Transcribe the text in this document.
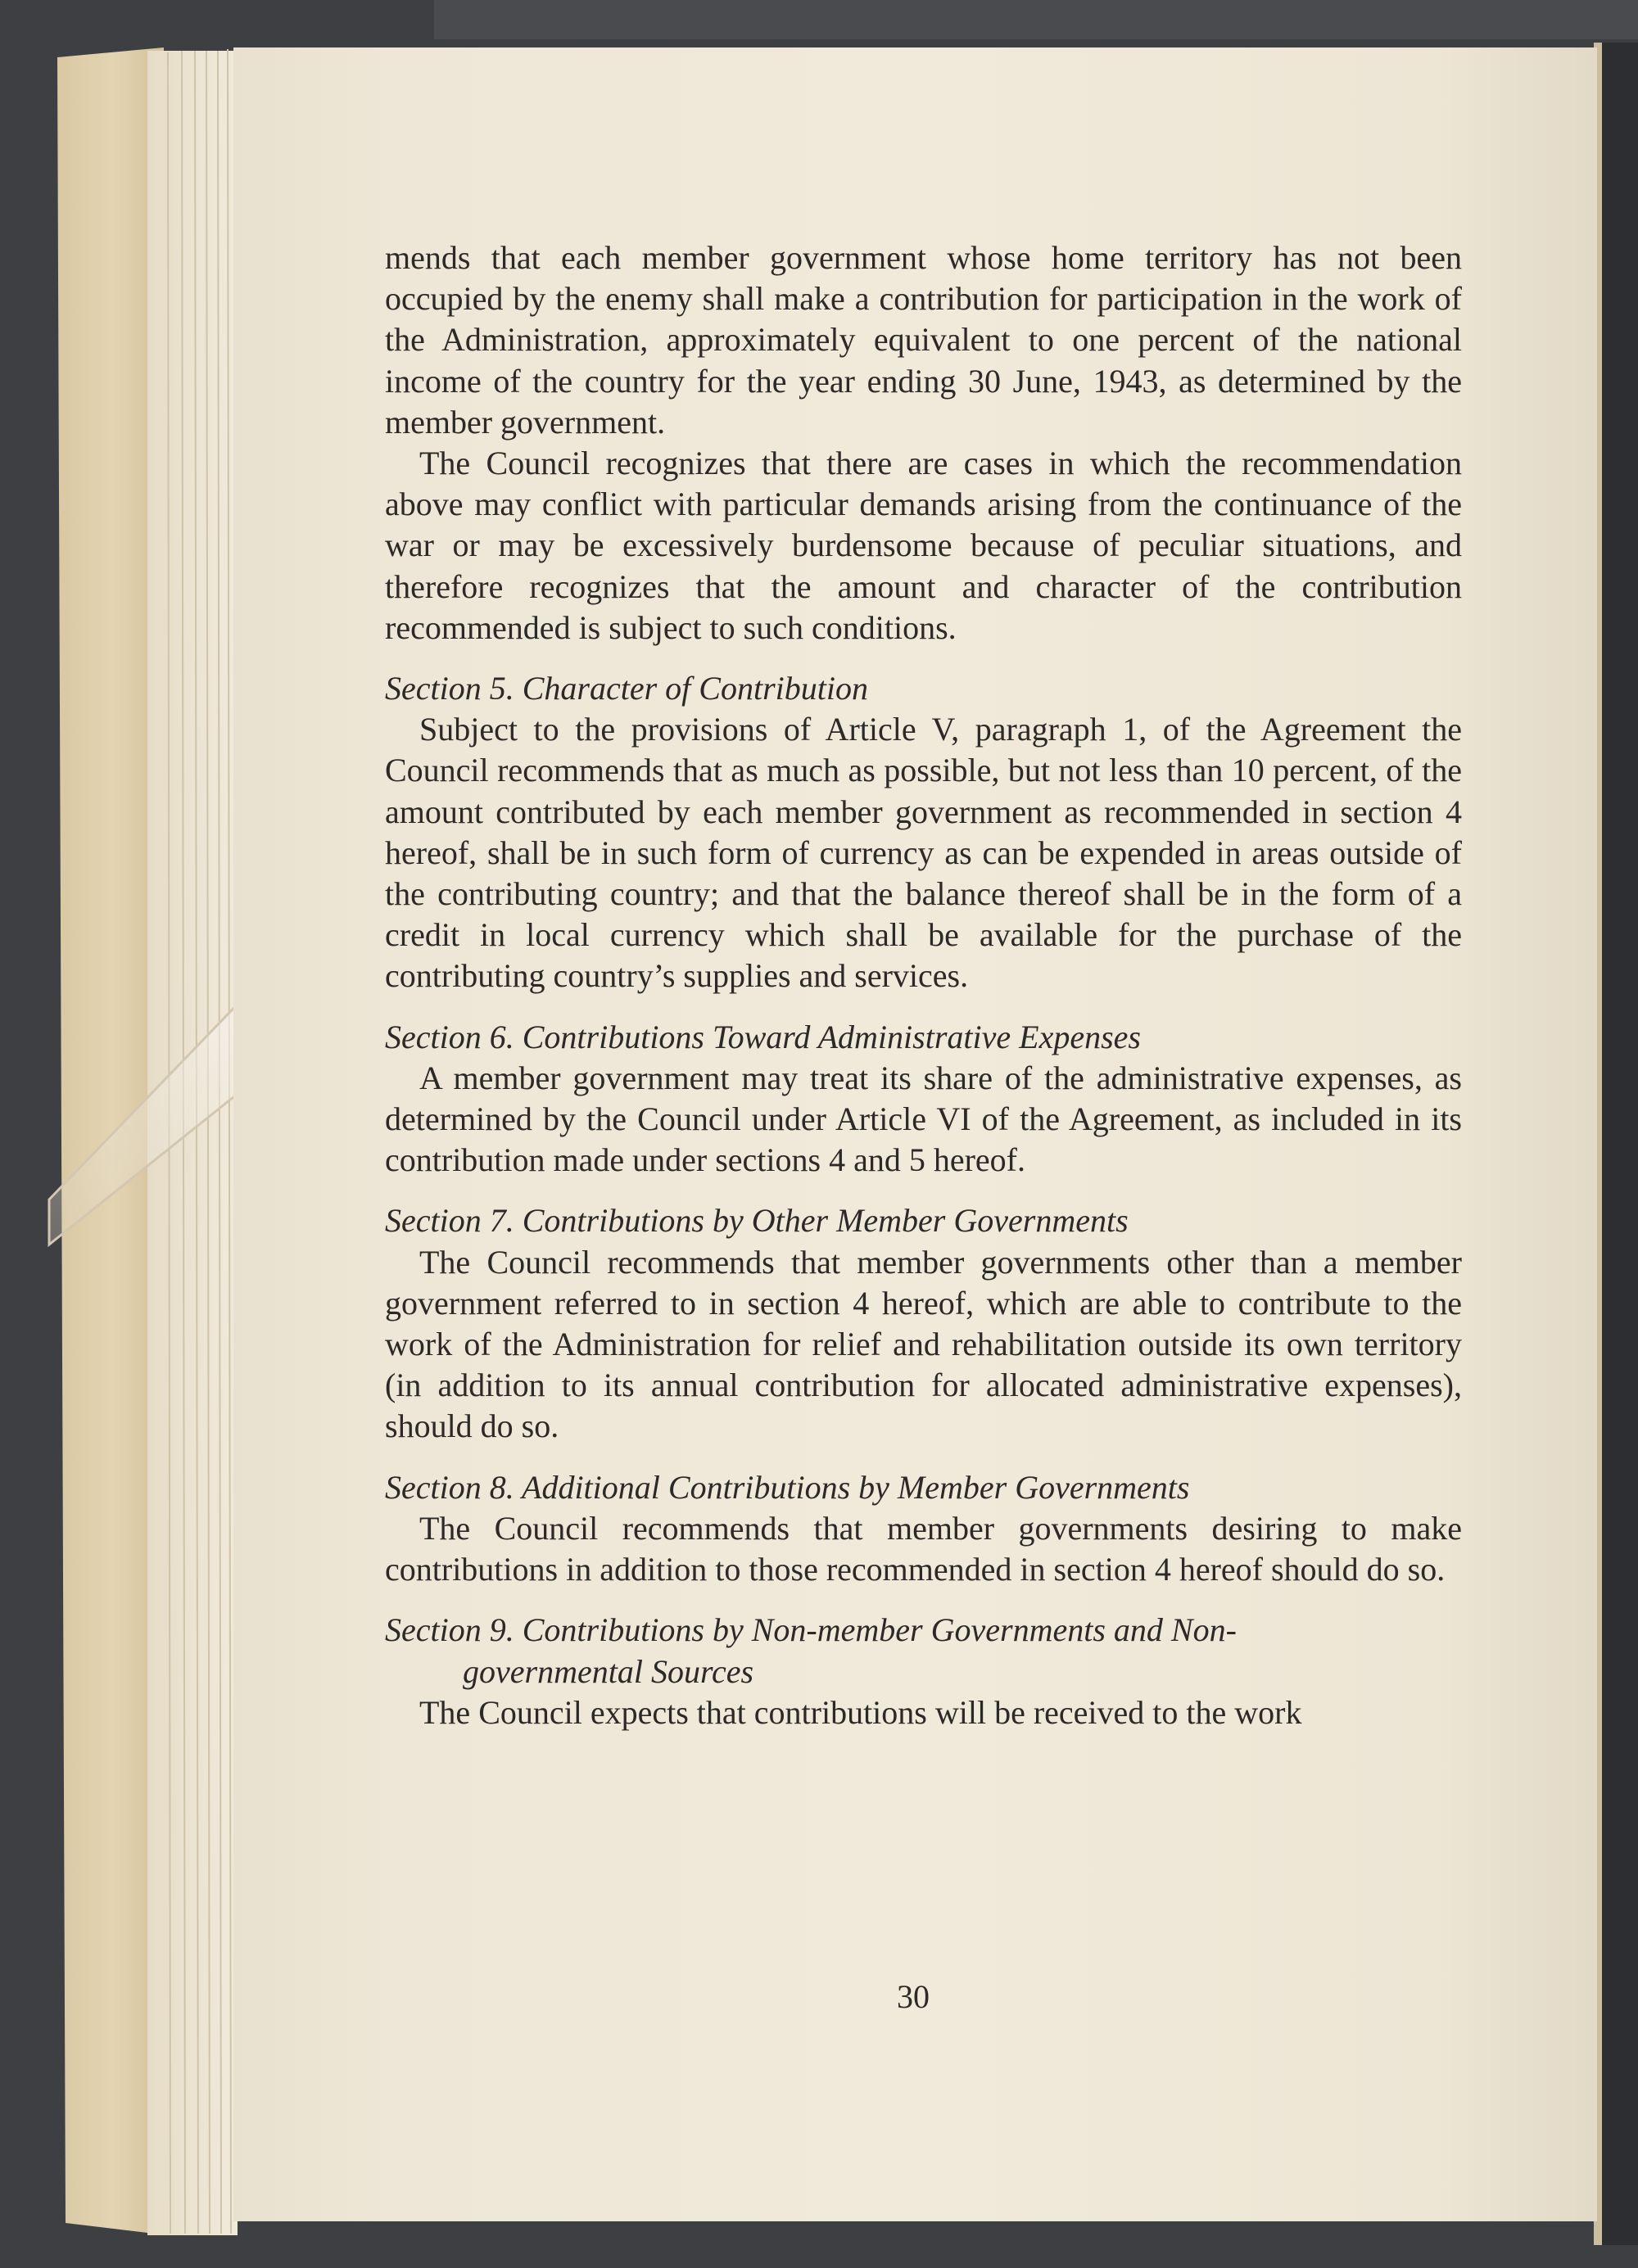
mends that each member government whose home territory has not been occupied by the enemy shall make a contribution for participation in the work of the Administration, approximately equivalent to one percent of the national income of the country for the year ending 30 June, 1943, as determined by the member government.

The Council recognizes that there are cases in which the recommendation above may conflict with particular demands arising from the continuance of the war or may be excessively burdensome because of peculiar situations, and therefore recognizes that the amount and character of the contribution recommended is subject to such conditions.

Section 5. Character of Contribution

Subject to the provisions of Article V, paragraph 1, of the Agreement the Council recommends that as much as possible, but not less than 10 percent, of the amount contributed by each member government as recommended in section 4 hereof, shall be in such form of currency as can be expended in areas outside of the contributing country; and that the balance thereof shall be in the form of a credit in local currency which shall be available for the purchase of the contributing country’s supplies and services.

Section 6. Contributions Toward Administrative Expenses

A member government may treat its share of the administrative expenses, as determined by the Council under Article VI of the Agreement, as included in its contribution made under sections 4 and 5 hereof.

Section 7. Contributions by Other Member Governments

The Council recommends that member governments other than a member government referred to in section 4 hereof, which are able to contribute to the work of the Administration for relief and rehabilitation outside its own territory (in addition to its annual contribution for allocated administrative expenses), should do so.

Section 8. Additional Contributions by Member Governments

The Council recommends that member governments desiring to make contributions in addition to those recommended in section 4 hereof should do so.

Section 9. Contributions by Non-member Governments and Non-
governmental Sources

The Council expects that contributions will be received to the work

30
